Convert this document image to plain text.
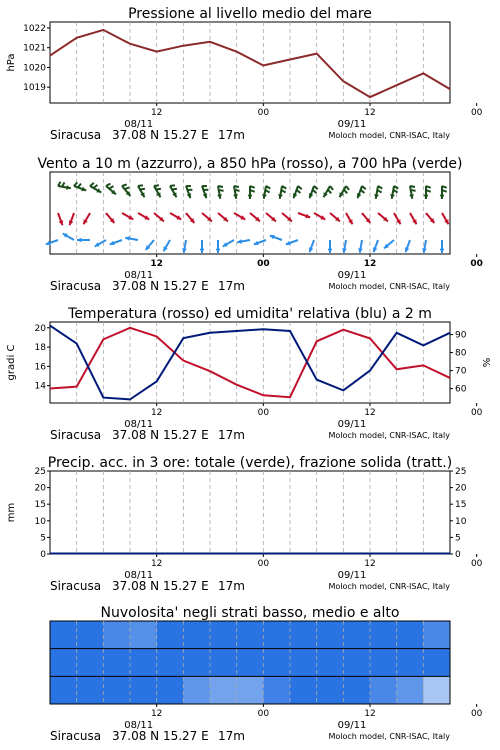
Pressione al livello medio del mare
12	00	12	00
08/11	09/11
Siracusa 37.08 N 15.27 E 17m	Moloch model, CNR-ISAC, Italy
1019
1020
1021
1022
hPa
Vento a 10 m (azzurro), a 850 hPa (rosso), a 700 hPa (verde)
12	00	12	00
08/11	09/11
Siracusa 37.08 N 15.27 E 17m	Moloch model, CNR-ISAC, Italy
Temperatura (rosso) ed umidita' relativa (blu) a 2 m
12	00	12	00
08/11	09/11
Siracusa 37.08 N 15.27 E 17m	Moloch model, CNR-ISAC, Italy
14
16
18
20
60
70
80
90
gradi C	%
Precip. acc. in 3 ore: totale (verde), frazione solida (tratt.)
12	00	12	00
08/11	09/11
Siracusa 37.08 N 15.27 E 17m	Moloch model, CNR-ISAC, Italy
0	0
5	5
10	10
15	15
20	20
25	25
mm
Nuvolosita' negli strati basso, medio e alto
12	00	12	00
08/11	09/11
Siracusa 37.08 N 15.27 E 17m	Moloch model, CNR-ISAC, Italy
